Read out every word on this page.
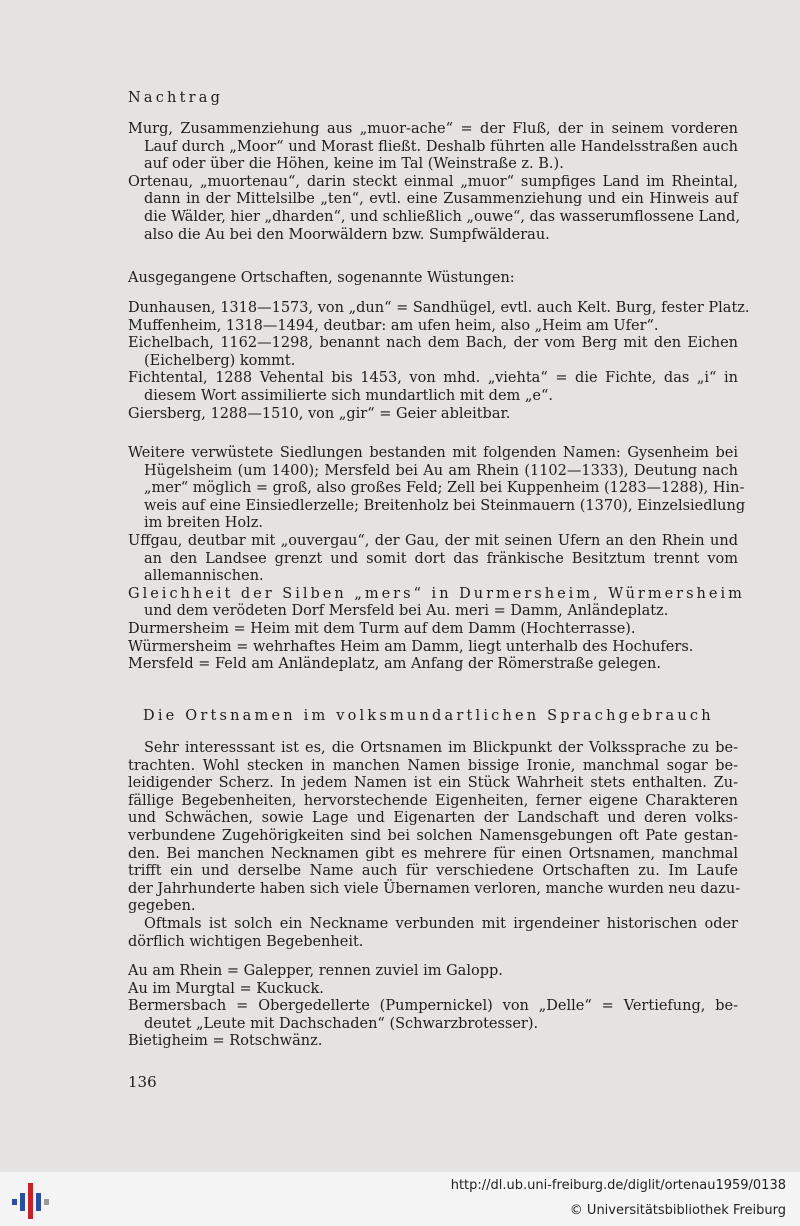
Nachtrag
Murg, Zusammenziehung aus „muor-ache“ = der Fluß, der in seinem vorderen
Lauf durch „Moor“ und Morast fließt. Deshalb führten alle Handelsstraßen auch
auf oder über die Höhen, keine im Tal (Weinstraße z. B.).
Ortenau, „muortenau“, darin steckt einmal „muor“ sumpfiges Land im Rheintal,
dann in der Mittelsilbe „ten“, evtl. eine Zusammenziehung und ein Hinweis auf
die Wälder, hier „dharden“, und schließlich „ouwe“, das wasserumflossene Land,
also die Au bei den Moorwäldern bzw. Sumpfwälderau.
Ausgegangene Ortschaften, sogenannte Wüstungen:
Dunhausen, 1318—1573, von „dun“ = Sandhügel, evtl. auch Kelt. Burg, fester Platz.
Muffenheim, 1318—1494, deutbar: am ufen heim, also „Heim am Ufer“.
Eichelbach, 1162—1298, benannt nach dem Bach, der vom Berg mit den Eichen
(Eichelberg) kommt.
Fichtental, 1288 Vehental bis 1453, von mhd. „viehta“ = die Fichte, das „i“ in
diesem Wort assimilierte sich mundartlich mit dem „e“.
Giersberg, 1288—1510, von „gir“ = Geier ableitbar.
Weitere verwüstete Siedlungen bestanden mit folgenden Namen: Gysenheim bei
Hügelsheim (um 1400); Mersfeld bei Au am Rhein (1102—1333), Deutung nach
„mer“ möglich = groß, also großes Feld; Zell bei Kuppenheim (1283—1288), Hin-
weis auf eine Einsiedlerzelle; Breitenholz bei Steinmauern (1370), Einzelsiedlung
im breiten Holz.
Uffgau, deutbar mit „ouvergau“, der Gau, der mit seinen Ufern an den Rhein und
an den Landsee grenzt und somit dort das fränkische Besitztum trennt vom
allemannischen.
Gleichheit der Silben „mers“ in Durmersheim, Würmersheim
und dem verödeten Dorf Mersfeld bei Au. meri = Damm, Anländeplatz.
Durmersheim = Heim mit dem Turm auf dem Damm (Hochterrasse).
Würmersheim = wehrhaftes Heim am Damm, liegt unterhalb des Hochufers.
Mersfeld = Feld am Anländeplatz, am Anfang der Römerstraße gelegen.
Die Ortsnamen im volksmundartlichen Sprachgebrauch
Sehr interesssant ist es, die Ortsnamen im Blickpunkt der Volkssprache zu be-
trachten. Wohl stecken in manchen Namen bissige Ironie, manchmal sogar be-
leidigender Scherz. In jedem Namen ist ein Stück Wahrheit stets enthalten. Zu-
fällige Begebenheiten, hervorstechende Eigenheiten, ferner eigene Charakteren
und Schwächen, sowie Lage und Eigenarten der Landschaft und deren volks-
verbundene Zugehörigkeiten sind bei solchen Namensgebungen oft Pate gestan-
den. Bei manchen Necknamen gibt es mehrere für einen Ortsnamen, manchmal
trifft ein und derselbe Name auch für verschiedene Ortschaften zu. Im Laufe
der Jahrhunderte haben sich viele Übernamen verloren, manche wurden neu dazu-
gegeben.
Oftmals ist solch ein Neckname verbunden mit irgendeiner historischen oder
dörflich wichtigen Begebenheit.
Au am Rhein = Galepper, rennen zuviel im Galopp.
Au im Murgtal = Kuckuck.
Bermersbach = Obergedellerte (Pumpernickel) von „Delle“ = Vertiefung, be-
deutet „Leute mit Dachschaden“ (Schwarzbrotesser).
Bietigheim = Rotschwänz.
136
http://dl.ub.uni-freiburg.de/diglit/ortenau1959/0138
© Universitätsbibliothek Freiburg
